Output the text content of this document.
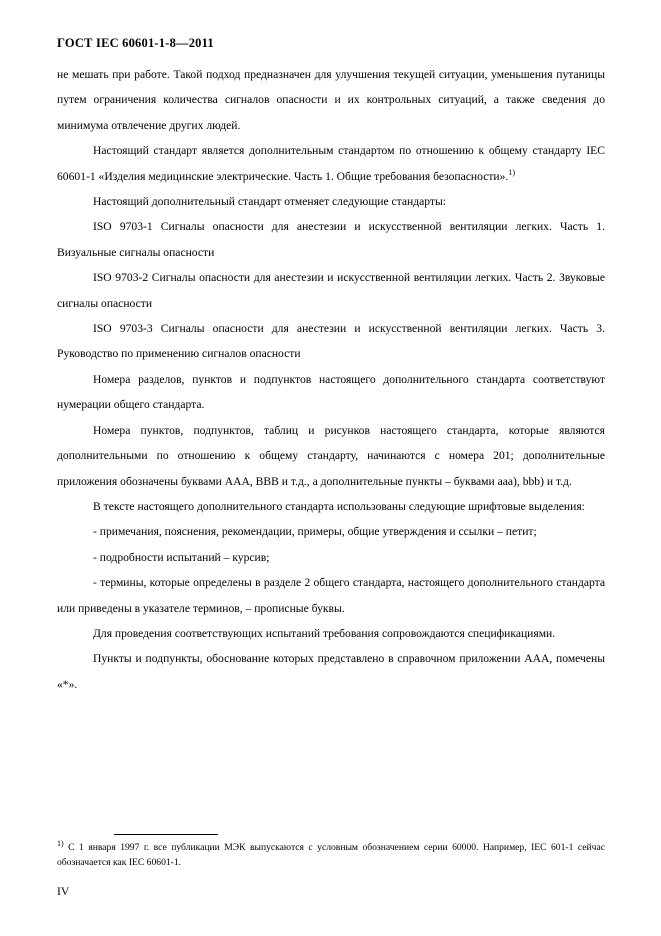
ГОСТ IEC 60601-1-8—2011

не мешать при работе. Такой подход предназначен для улучшения текущей ситуации, уменьшения путаницы путем ограничения количества сигналов опасности и их контрольных ситуаций, а также сведения до минимума отвлечение других людей.

Настоящий стандарт является дополнительным стандартом по отношению к общему стандарту IEC 60601-1 «Изделия медицинские электрические. Часть 1. Общие требования безопасности».$^{1)}$

Настоящий дополнительный стандарт отменяет следующие стандарты:

ISO 9703-1 Сигналы опасности для анестезии и искусственной вентиляции легких. Часть 1. Визуальные сигналы опасности

ISO 9703-2 Сигналы опасности для анестезии и искусственной вентиляции легких. Часть 2. Звуковые сигналы опасности

ISO 9703-3 Сигналы опасности для анестезии и искусственной вентиляции легких. Часть 3. Руководство по применению сигналов опасности

Номера разделов, пунктов и подпунктов настоящего дополнительного стандарта соответствуют нумерации общего стандарта.

Номера пунктов, подпунктов, таблиц и рисунков настоящего стандарта, которые являются дополнительными по отношению к общему стандарту, начинаются с номера 201; дополнительные приложения обозначены буквами ААА, ВВВ и т.д., а дополнительные пункты – буквами ааа), bbb) и т.д.

В тексте настоящего дополнительного стандарта использованы следующие шрифтовые выделения:

- примечания, пояснения, рекомендации, примеры, общие утверждения и ссылки – петит;

- подробности испытаний – курсив;

- термины, которые определены в разделе 2 общего стандарта, настоящего дополнительного стандарта или приведены в указателе терминов, – прописные буквы.

Для проведения соответствующих испытаний требования сопровождаются спецификациями.

Пункты и подпункты, обоснование которых представлено в справочном приложении ААА, помечены «*».

$^{1)}$ С 1 января 1997 г. все публикации МЭК выпускаются с условным обозначением серии 60000. Например, IEC 601-1 сейчас обозначается как IEC 60601-1.
IV
